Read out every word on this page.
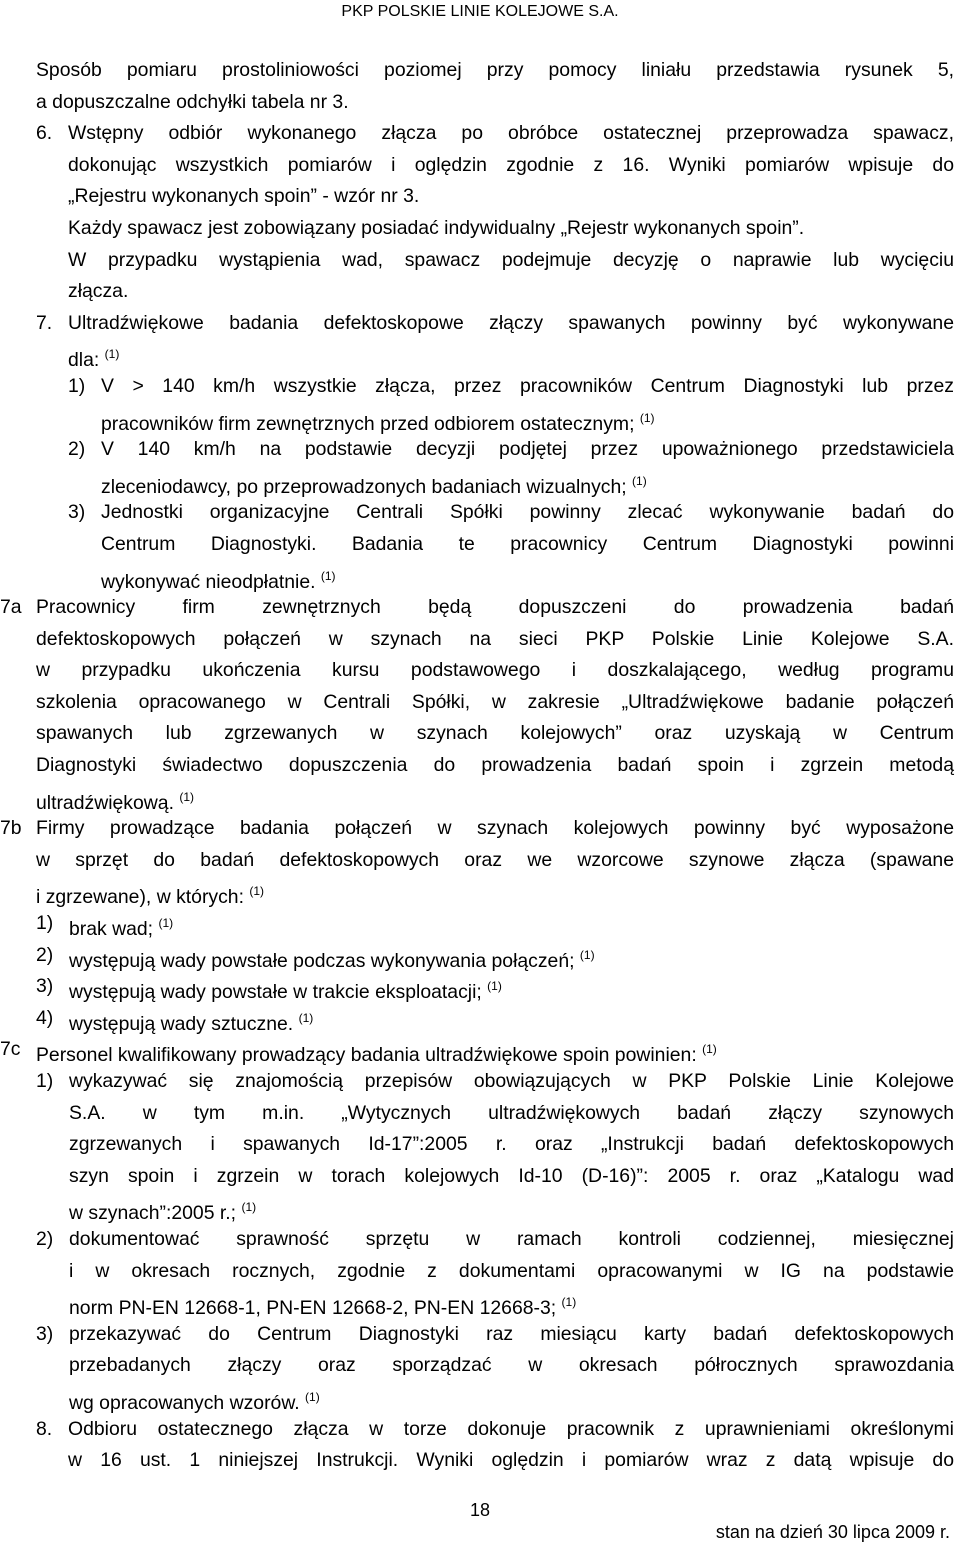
PKP POLSKIE LINIE KOLEJOWE S.A.
Sposób pomiaru prostoliniowości poziomej przy pomocy liniału przedstawia rysunek 5,
a dopuszczalne odchyłki tabela nr 3.
6. Wstępny odbiór wykonanego złącza po obróbce ostatecznej przeprowadza spawacz,
dokonując wszystkich pomiarów i oględzin zgodnie z 16. Wyniki pomiarów wpisuje do
„Rejestru wykonanych spoin” - wzór nr 3.
Każdy spawacz jest zobowiązany posiadać indywidualny „Rejestr wykonanych spoin”.
W przypadku wystąpienia wad, spawacz podejmuje decyzję o naprawie lub wycięciu
złącza.
7. Ultradźwiękowe badania defektoskopowe złączy spawanych powinny być wykonywane
dla: $^{(1)}$
1) V > 140 km/h wszystkie złącza, przez pracowników Centrum Diagnostyki lub przez
pracowników firm zewnętrznych przed odbiorem ostatecznym; $^{(1)}$
2) V 140 km/h na podstawie decyzji podjętej przez upoważnionego przedstawiciela
zleceniodawcy, po przeprowadzonych badaniach wizualnych; $^{(1)}$
3) Jednostki organizacyjne Centrali Spółki powinny zlecać wykonywanie badań do
Centrum Diagnostyki. Badania te pracownicy Centrum Diagnostyki powinni
wykonywać nieodpłatnie. $^{(1)}$
7a Pracownicy firm zewnętrznych będą dopuszczeni do prowadzenia badań
defektoskopowych połączeń w szynach na sieci PKP Polskie Linie Kolejowe S.A.
w przypadku ukończenia kursu podstawowego i doszkalającego, według programu
szkolenia opracowanego w Centrali Spółki, w zakresie „Ultradźwiękowe badanie połączeń
spawanych lub zgrzewanych w szynach kolejowych” oraz uzyskają w Centrum
Diagnostyki świadectwo dopuszczenia do prowadzenia badań spoin i zgrzein metodą
ultradźwiękową. $^{(1)}$
7b Firmy prowadzące badania połączeń w szynach kolejowych powinny być wyposażone
w sprzęt do badań defektoskopowych oraz we wzorcowe szynowe złącza (spawane
i zgrzewane), w których: $^{(1)}$
1) brak wad; $^{(1)}$
2) występują wady powstałe podczas wykonywania połączeń; $^{(1)}$
3) występują wady powstałe w trakcie eksploatacji; $^{(1)}$
4) występują wady sztuczne. $^{(1)}$
7c Personel kwalifikowany prowadzący badania ultradźwiękowe spoin powinien: $^{(1)}$
1) wykazywać się znajomością przepisów obowiązujących w PKP Polskie Linie Kolejowe
S.A. w tym m.in. „Wytycznych ultradźwiękowych badań złączy szynowych
zgrzewanych i spawanych Id-17”:2005 r. oraz „Instrukcji badań defektoskopowych
szyn spoin i zgrzein w torach kolejowych Id-10 (D-16)”: 2005 r. oraz „Katalogu wad
w szynach”:2005 r.; $^{(1)}$
2) dokumentować sprawność sprzętu w ramach kontroli codziennej, miesięcznej
i w okresach rocznych, zgodnie z dokumentami opracowanymi w IG na podstawie
norm PN-EN 12668-1, PN-EN 12668-2, PN-EN 12668-3; $^{(1)}$
3) przekazywać do Centrum Diagnostyki raz miesiącu karty badań defektoskopowych
przebadanych złączy oraz sporządzać w okresach półrocznych sprawozdania
wg opracowanych wzorów. $^{(1)}$
8. Odbioru ostatecznego złącza w torze dokonuje pracownik z uprawnieniami określonymi
w 16 ust. 1 niniejszej Instrukcji. Wyniki oględzin i pomiarów wraz z datą wpisuje do
18
stan na dzień 30 lipca 2009 r.
